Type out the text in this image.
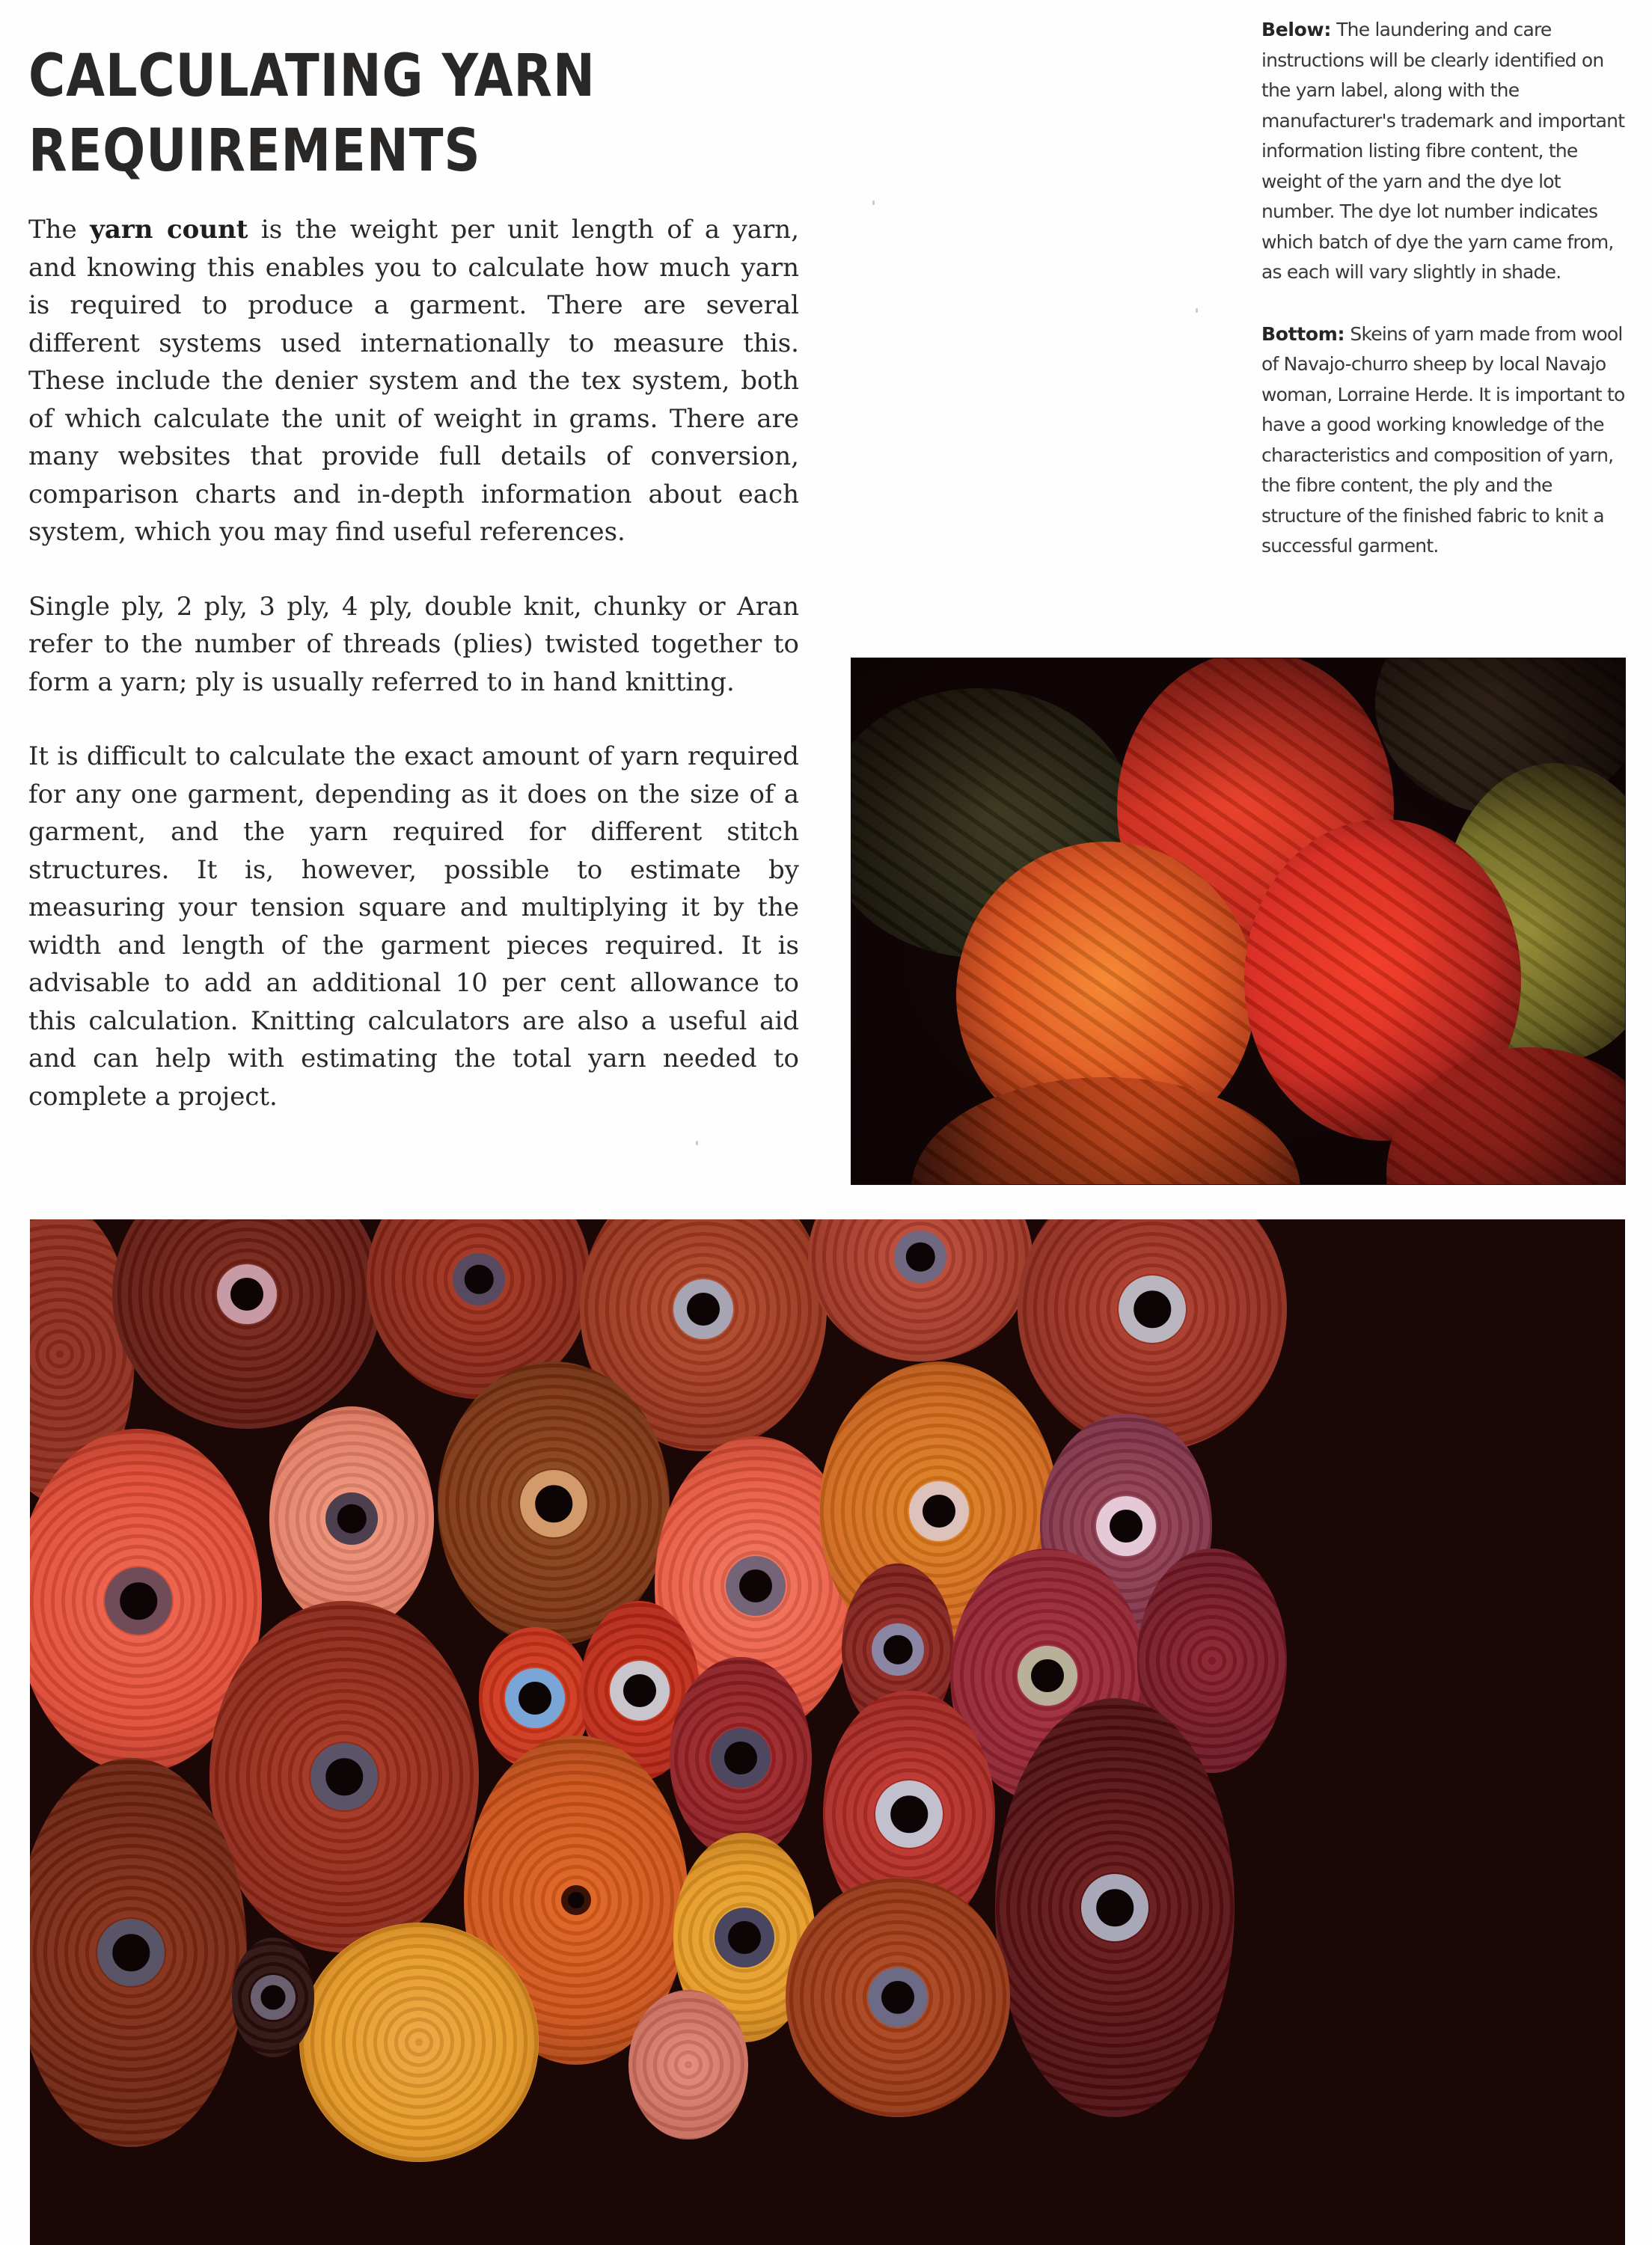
CALCULATING YARN
REQUIREMENTS

The yarn count is the weight per unit length of a yarn, and knowing this enables you to calculate how much yarn is required to produce a garment. There are several different systems used internationally to measure this. These include the denier system and the tex system, both of which calculate the unit of weight in grams. There are many websites that provide full details of conversion, comparison charts and in-depth information about each system, which you may find useful references.

Single ply, 2 ply, 3 ply, 4 ply, double knit, chunky or Aran refer to the number of threads (plies) twisted together to form a yarn; ply is usually referred to in hand knitting.

It is difficult to calculate the exact amount of yarn required for any one garment, depending as it does on the size of a garment, and the yarn required for different stitch structures. It is, however, possible to estimate by measuring your tension square and multiplying it by the width and length of the garment pieces required. It is advisable to add an additional 10 per cent allowance to this calculation. Knitting calculators are also a useful aid and can help with estimating the total yarn needed to complete a project.

Below: The laundering and care instructions will be clearly identified on the yarn label, along with the manufacturer's trademark and important information listing fibre content, the weight of the yarn and the dye lot number. The dye lot number indicates which batch of dye the yarn came from, as each will vary slightly in shade.

Bottom: Skeins of yarn made from wool of Navajo-churro sheep by local Navajo woman, Lorraine Herde. It is important to have a good working knowledge of the characteristics and composition of yarn, the fibre content, the ply and the structure of the finished fabric to knit a successful garment.
